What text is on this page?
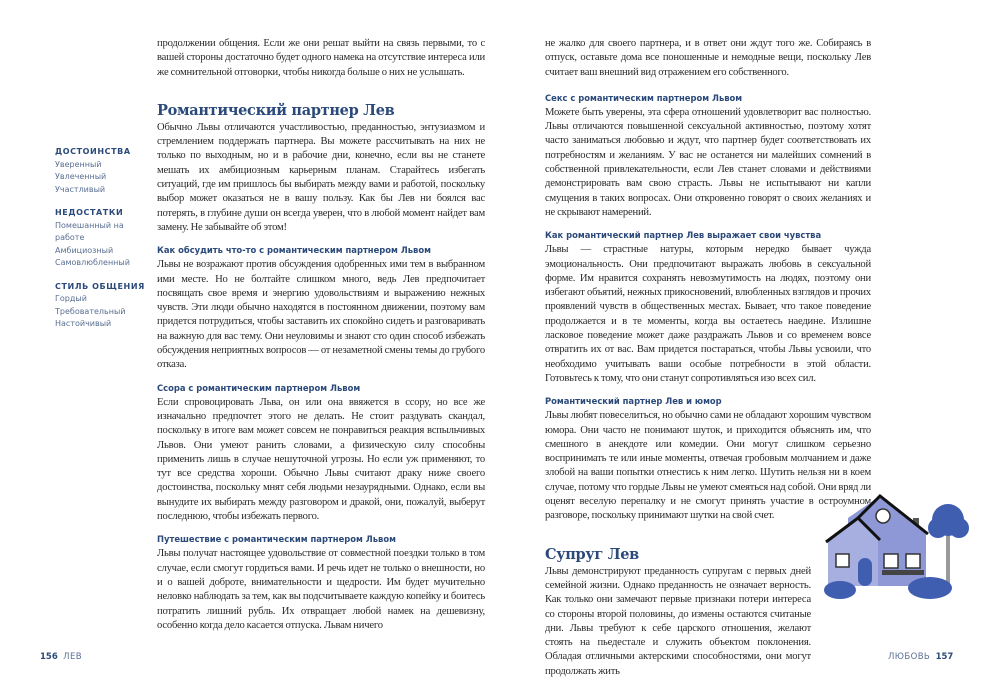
продолжении общения. Если же они решат выйти на связь первыми, то с вашей стороны достаточно будет одного намека на отсутствие интереса или же сомнительной отговорки, чтобы никогда больше о них не услышать.

Романтический партнер Лев

Обычно Львы отличаются участливостью, преданностью, энтузиазмом и стремлением поддержать партнера. Вы можете рассчитывать на них не только по выходным, но и в рабочие дни, конечно, если вы не станете мешать их амбициозным карьерным планам. Старайтесь избегать ситуаций, где им пришлось бы выбирать между вами и работой, поскольку выбор может оказаться не в вашу пользу. Как бы Лев ни боялся вас потерять, в глубине души он всегда уверен, что в любой момент найдет вам замену. Не забывайте об этом!

Как обсудить что-то с романтическим партнером Львом

Львы не возражают против обсуждения одобренных ими тем в выбранном ими месте. Но не болтайте слишком много, ведь Лев предпочитает посвящать свое время и энергию удовольствиям и выражению нежных чувств. Эти люди обычно находятся в постоянном движении, поэтому вам придется потрудиться, чтобы заставить их спокойно сидеть и разговаривать на важную для вас тему. Они неуловимы и знают сто один способ избежать обсуждения неприятных вопросов — от незаметной смены темы до грубого отказа.

Ссора с романтическим партнером Львом

Если спровоцировать Льва, он или она ввяжется в ссору, но все же изначально предпочтет этого не делать. Не стоит раздувать скандал, поскольку в итоге вам может совсем не понравиться реакция вспыльчивых Львов. Они умеют ранить словами, а физическую силу способны применить лишь в случае нешуточной угрозы. Но если уж применяют, то тут все средства хороши. Обычно Львы считают драку ниже своего достоинства, поскольку мнят себя людьми незаурядными. Однако, если вы вынудите их выбирать между разговором и дракой, они, пожалуй, выберут последнюю, чтобы избежать первого.

Путешествие с романтическим партнером Львом

Львы получат настоящее удовольствие от совместной поездки только в том случае, если смогут гордиться вами. И речь идет не только о внешности, но и о вашей доброте, внимательности и щедрости. Им будет мучительно неловко наблюдать за тем, как вы подсчитываете каждую копейку и боитесь потратить лишний рубль. Их отвращает любой намек на дешевизну, особенно когда дело касается отпуска. Львам ничего

ДОСТОИНСТВА
Уверенный
Увлеченный
Участливый
НЕДОСТАТКИ
Помешанный на
работе
Амбициозный
Самовлюбленный
СТИЛЬ ОБЩЕНИЯ
Гордый
Требовательный
Настойчивый
156 ЛЕВ

не жалко для своего партнера, и в ответ они ждут того же. Собираясь в отпуск, оставьте дома все поношенные и немодные вещи, поскольку Лев считает ваш внешний вид отражением его собственного.

Секс с романтическим партнером Львом

Можете быть уверены, эта сфера отношений удовлетворит вас полностью. Львы отличаются повышенной сексуальной активностью, поэтому хотят часто заниматься любовью и ждут, что партнер будет соответствовать их потребностям и желаниям. У вас не останется ни малейших сомнений в собственной привлекательности, если Лев станет словами и действиями демонстрировать вам свою страсть. Львы не испытывают ни капли смущения в таких вопросах. Они откровенно говорят о своих желаниях и не скрывают намерений.

Как романтический партнер Лев выражает свои чувства

Львы — страстные натуры, которым нередко бывает чужда эмоциональность. Они предпочитают выражать любовь в сексуальной форме. Им нравится сохранять невозмутимость на людях, поэтому они избегают объятий, нежных прикосновений, влюбленных взглядов и прочих проявлений чувств в общественных местах. Бывает, что такое поведение продолжается и в те моменты, когда вы остаетесь наедине. Излишне ласковое поведение может даже раздражать Львов и со временем вовсе отвратить их от вас. Вам придется постараться, чтобы Львы усвоили, что необходимо учитывать ваши особые потребности в этой области. Готовьтесь к тому, что они станут сопротивляться изо всех сил.

Романтический партнер Лев и юмор

Львы любят повеселиться, но обычно сами не обладают хорошим чувством юмора. Они часто не понимают шуток, и приходится объяснять им, что смешного в анекдоте или комедии. Они могут слишком серьезно воспринимать те или иные моменты, отвечая гробовым молчанием и даже злобой на ваши попытки отнестись к ним легко. Шутить нельзя ни в коем случае, потому что гордые Львы не умеют смеяться над собой. Они вряд ли оценят веселую перепалку и не смогут принять участие в остроумном разговоре, поскольку принимают шутки на свой счет.

Супруг Лев

Львы демонстрируют преданность супругам с первых дней семейной жизни. Однако преданность не означает верность. Как только они замечают первые признаки потери интереса со стороны второй половины, до измены остаются считаные дни. Львы требуют к себе царского отношения, желают стоять на пьедестале и служить объектом поклонения. Обладая отличными актерскими способностями, они могут продолжать жить

ЛЮБОВЬ 157
